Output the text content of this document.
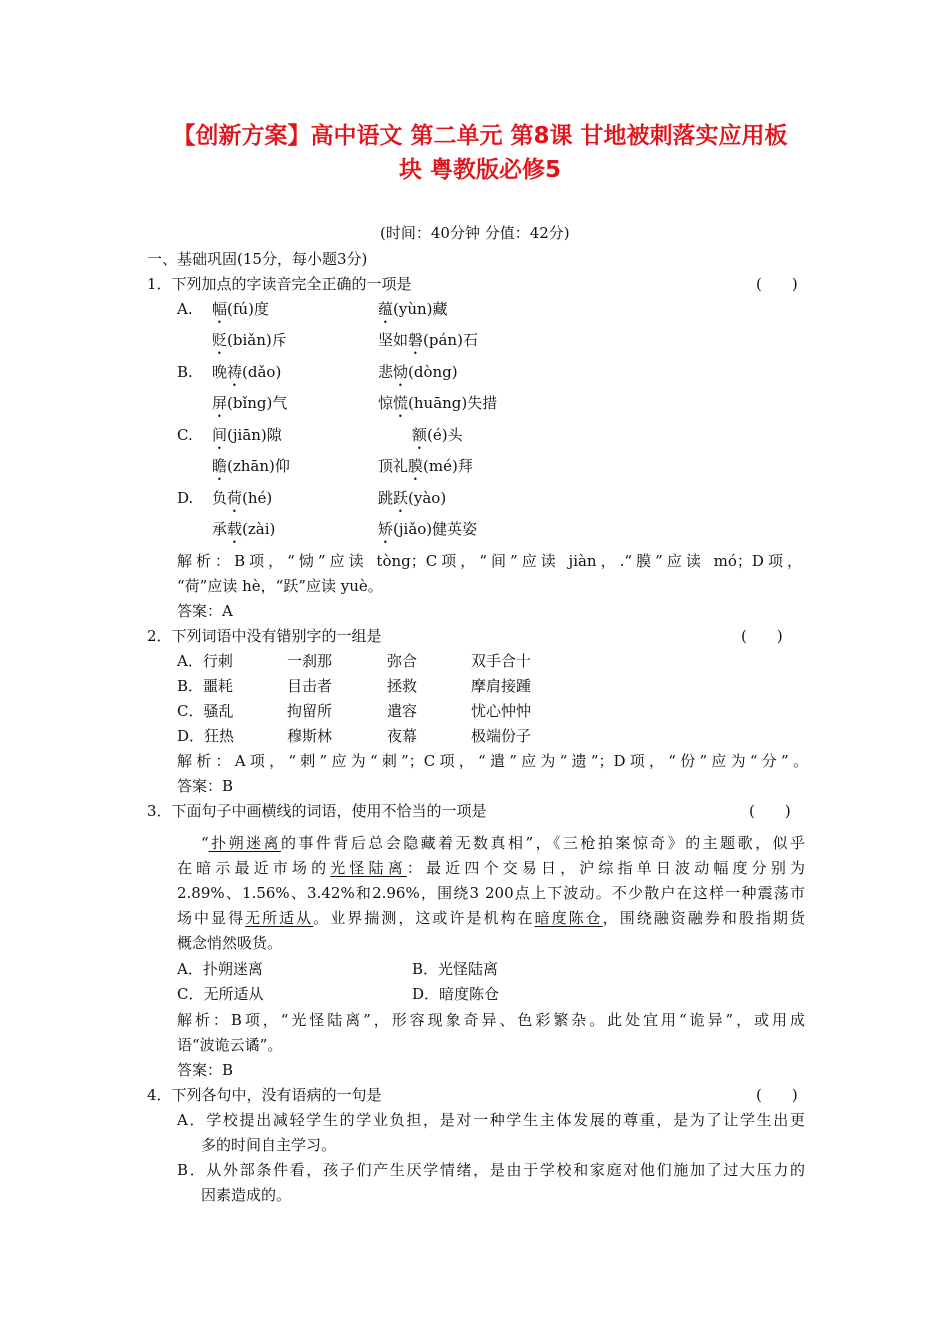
【创新方案】高中语文 第二单元 第8课 甘地被刺落实应用板
块 粤教版必修5
(时间：40分钟 分值：42分)
一、基础巩固(15分，每小题3分)
1．下列加点的字读音完全正确的一项是	(　　)
A. 幅(fú)度	蕴(yùn)藏
贬(biǎn)斥	坚如磐(pán)石
B. 晚祷(dǎo)	悲恸(dòng)
屏(bǐng)气	惊慌(huāng)失措
C. 间(jiān)隙	额(é)头
瞻(zhān)仰	顶礼膜(mé)拜
D. 负荷(hé)	跳跃(yào)
承载(zài)	矫(jiǎo)健英姿
解析：B项，“恸”应读 tòng；C项，“间”应读 jiàn，.“膜”应读 mó；D项，
“荷”应读 hè，“跃”应读 yuè。
答案：A
2．下列词语中没有错别字的一组是	(　　)
A．行刺	一刹那	弥合	双手合十
B．噩耗	目击者	拯救	摩肩接踵
C．骚乱	拘留所	遣容	忧心忡忡
D．狂热	穆斯林	夜幕	极端份子
解析：A项，“剌”应为“刺”；C项，“遣”应为“遗”；D项，“份”应为“分”。
答案：B
3．下面句子中画横线的词语，使用不恰当的一项是	(　　)
“扑朔迷离的事件背后总会隐藏着无数真相”，《三枪拍案惊奇》的主题歌，似乎
在暗示最近市场的光怪陆离：最近四个交易日，沪综指单日波动幅度分别为
2.89%、1.56%、3.42%和2.96%，围绕3 200点上下波动。不少散户在这样一种震荡市
场中显得无所适从。业界揣测，这或许是机构在暗度陈仓，围绕融资融券和股指期货
概念悄然吸货。
A．扑朔迷离	B．光怪陆离
C．无所适从	D．暗度陈仓
解析：B项，“光怪陆离”，形容现象奇异、色彩繁杂。此处宜用“诡异”，或用成
语“波诡云谲”。
答案：B
4．下列各句中，没有语病的一句是	(　　)
A．学校提出减轻学生的学业负担，是对一种学生主体发展的尊重，是为了让学生出更
多的时间自主学习。
B．从外部条件看，孩子们产生厌学情绪，是由于学校和家庭对他们施加了过大压力的
因素造成的。
